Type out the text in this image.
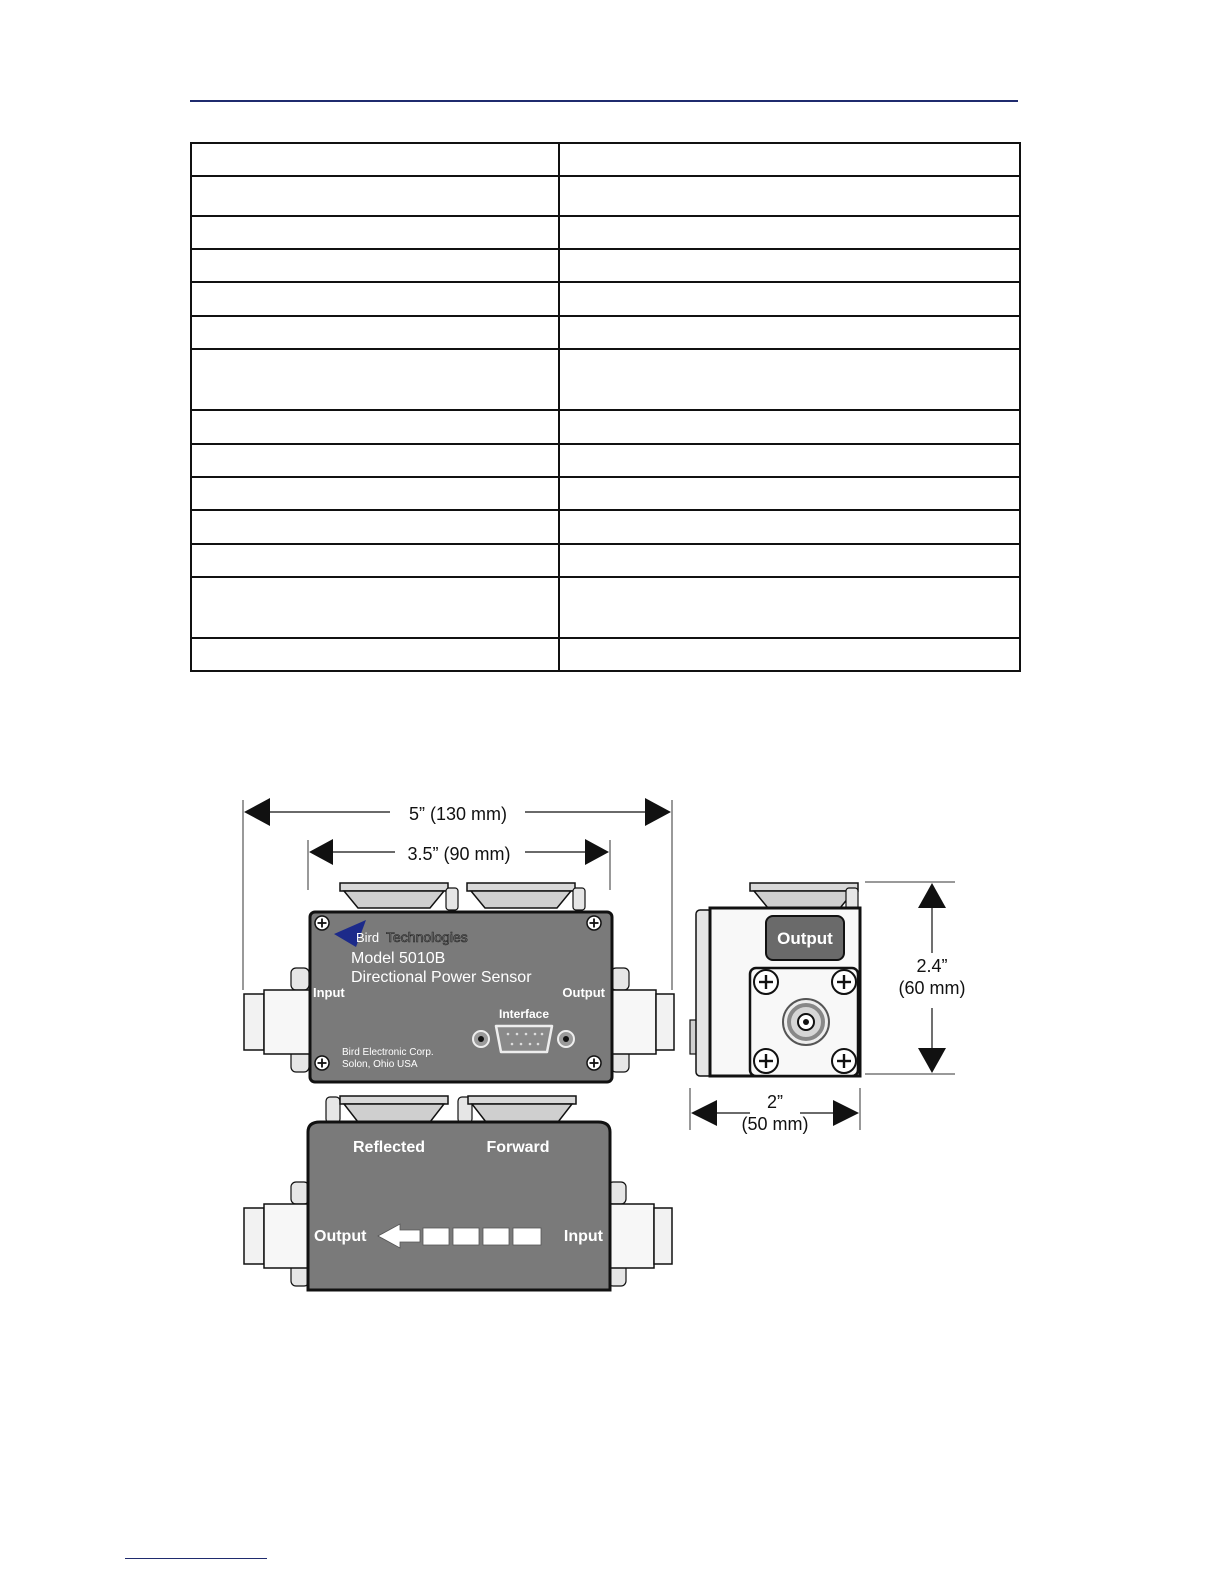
5” (130 mm)
3.5” (90 mm)
Bird Technologies
Model 5010B
Directional Power Sensor
Input	Output
Interface
Bird Electronic Corp.
Solon, Ohio USA
Output
2.4”
(60 mm)
2”
(50 mm)
Reflected	Forward
Output	Input
